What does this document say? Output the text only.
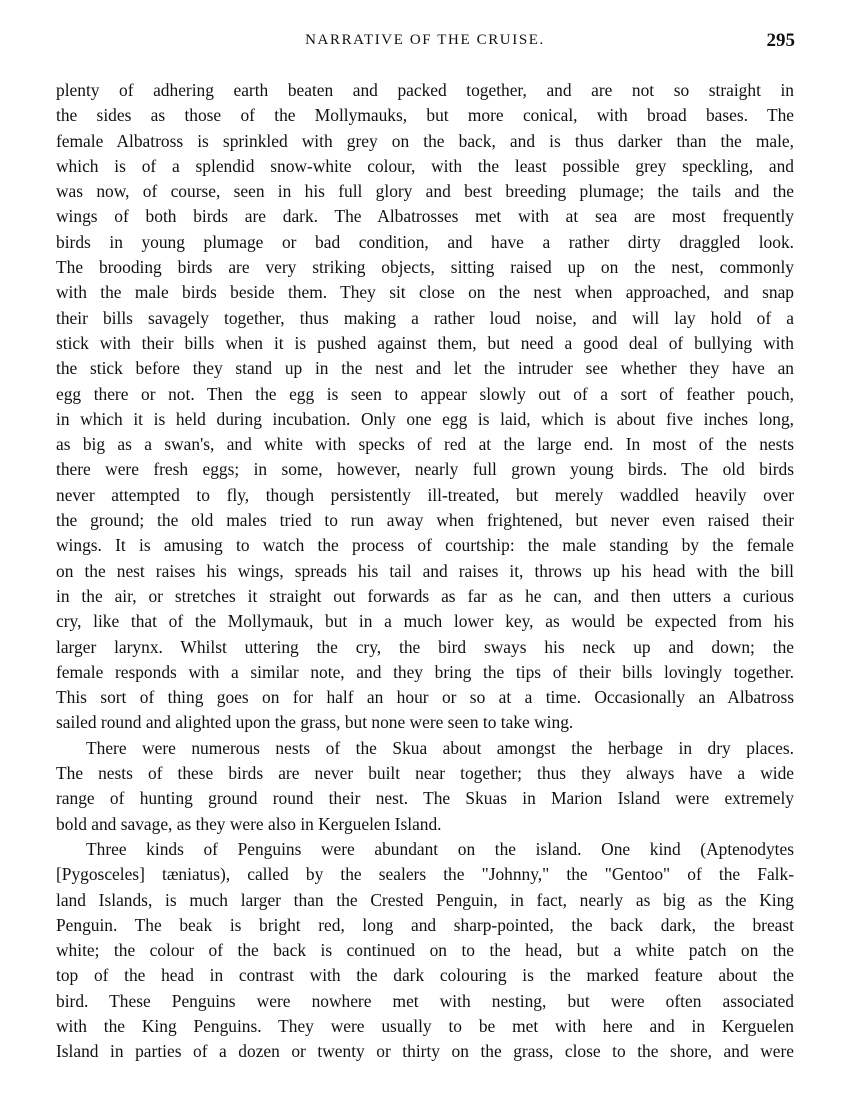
NARRATIVE OF THE CRUISE.	295
plenty of adhering earth beaten and packed together, and are not so straight in
the sides as those of the Mollymauks, but more conical, with broad bases. The
female Albatross is sprinkled with grey on the back, and is thus darker than the male,
which is of a splendid snow-white colour, with the least possible grey speckling, and
was now, of course, seen in his full glory and best breeding plumage; the tails and the
wings of both birds are dark. The Albatrosses met with at sea are most frequently
birds in young plumage or bad condition, and have a rather dirty draggled look.
The brooding birds are very striking objects, sitting raised up on the nest, commonly
with the male birds beside them. They sit close on the nest when approached, and snap
their bills savagely together, thus making a rather loud noise, and will lay hold of a
stick with their bills when it is pushed against them, but need a good deal of bullying with
the stick before they stand up in the nest and let the intruder see whether they have an
egg there or not. Then the egg is seen to appear slowly out of a sort of feather pouch,
in which it is held during incubation. Only one egg is laid, which is about five inches long,
as big as a swan's, and white with specks of red at the large end. In most of the nests
there were fresh eggs; in some, however, nearly full grown young birds. The old birds
never attempted to fly, though persistently ill-treated, but merely waddled heavily over
the ground; the old males tried to run away when frightened, but never even raised their
wings. It is amusing to watch the process of courtship: the male standing by the female
on the nest raises his wings, spreads his tail and raises it, throws up his head with the bill
in the air, or stretches it straight out forwards as far as he can, and then utters a curious
cry, like that of the Mollymauk, but in a much lower key, as would be expected from his
larger larynx. Whilst uttering the cry, the bird sways his neck up and down; the
female responds with a similar note, and they bring the tips of their bills lovingly together.
This sort of thing goes on for half an hour or so at a time. Occasionally an Albatross
sailed round and alighted upon the grass, but none were seen to take wing.
There were numerous nests of the Skua about amongst the herbage in dry places.
The nests of these birds are never built near together; thus they always have a wide
range of hunting ground round their nest. The Skuas in Marion Island were extremely
bold and savage, as they were also in Kerguelen Island.
Three kinds of Penguins were abundant on the island. One kind (Aptenodytes
[Pygosceles] tæniatus), called by the sealers the "Johnny," the "Gentoo" of the Falk-
land Islands, is much larger than the Crested Penguin, in fact, nearly as big as the King
Penguin. The beak is bright red, long and sharp-pointed, the back dark, the breast
white; the colour of the back is continued on to the head, but a white patch on the
top of the head in contrast with the dark colouring is the marked feature about the
bird. These Penguins were nowhere met with nesting, but were often associated
with the King Penguins. They were usually to be met with here and in Kerguelen
Island in parties of a dozen or twenty or thirty on the grass, close to the shore, and were
